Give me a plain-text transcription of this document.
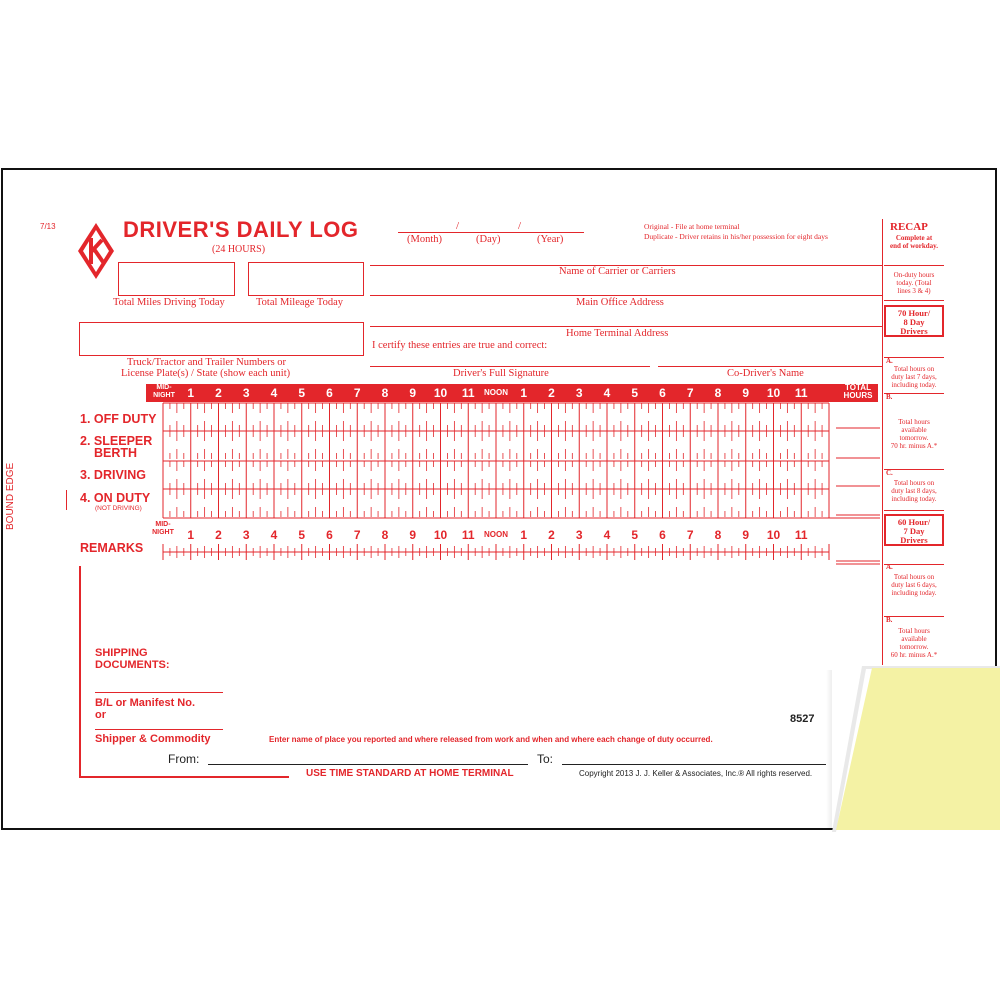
7/13	DRIVER'S DAILY LOG
(24 HOURS)
/	/
(Month)	(Day)	(Year)
Original - File at home terminal
Duplicate - Driver retains in his/her possession for eight days
RECAP
Complete at
end of workday.
On-duty hours
today. (Total
lines 3 & 4)
70 Hour/
8 Day
Drivers
A.
Total hours on
duty last 7 days,
including today.
B.
Total hours
available
tomorrow.
70 hr. minus A.*
C.
Total hours on
duty last 8 days,
including today.
60 Hour/
7 Day
Drivers
A.
Total hours on
duty last 6 days,
including today.
B.
Total hours
available
tomorrow.
60 hr. minus A.*
Total Miles Driving Today	Total Mileage Today
Name of Carrier or Carriers
Main Office Address
Home Terminal Address
I certify these entries are true and correct:
Truck/Tractor and Trailer Numbers or
License Plate(s) / State (show each unit)	Driver's Full Signature	Co-Driver's Name
BOUND EDGE
MID-
NIGHT
TOTAL
HOURS
1	2	3	4	5	6	7	8	9	10	11	NOON	1	2	3	4	5	6	7	8	9	10	11
1. OFF DUTY
2. SLEEPER
BERTH
3. DRIVING
4. ON DUTY
(NOT DRIVING)
REMARKS
MID-
NIGHT	1	2	3	4	5	6	7	8	9	10	11	NOON	1	2	3	4	5	6	7	8	9	10	11
SHIPPING
DOCUMENTS:
B/L or Manifest No.
or
Shipper & Commodity	Enter name of place you reported and where released from work and when and where each change of duty occurred.
8527
From:	To:
USE TIME STANDARD AT HOME TERMINAL	Copyright 2013 J. J. Keller & Associates, Inc.® All rights reserved.
